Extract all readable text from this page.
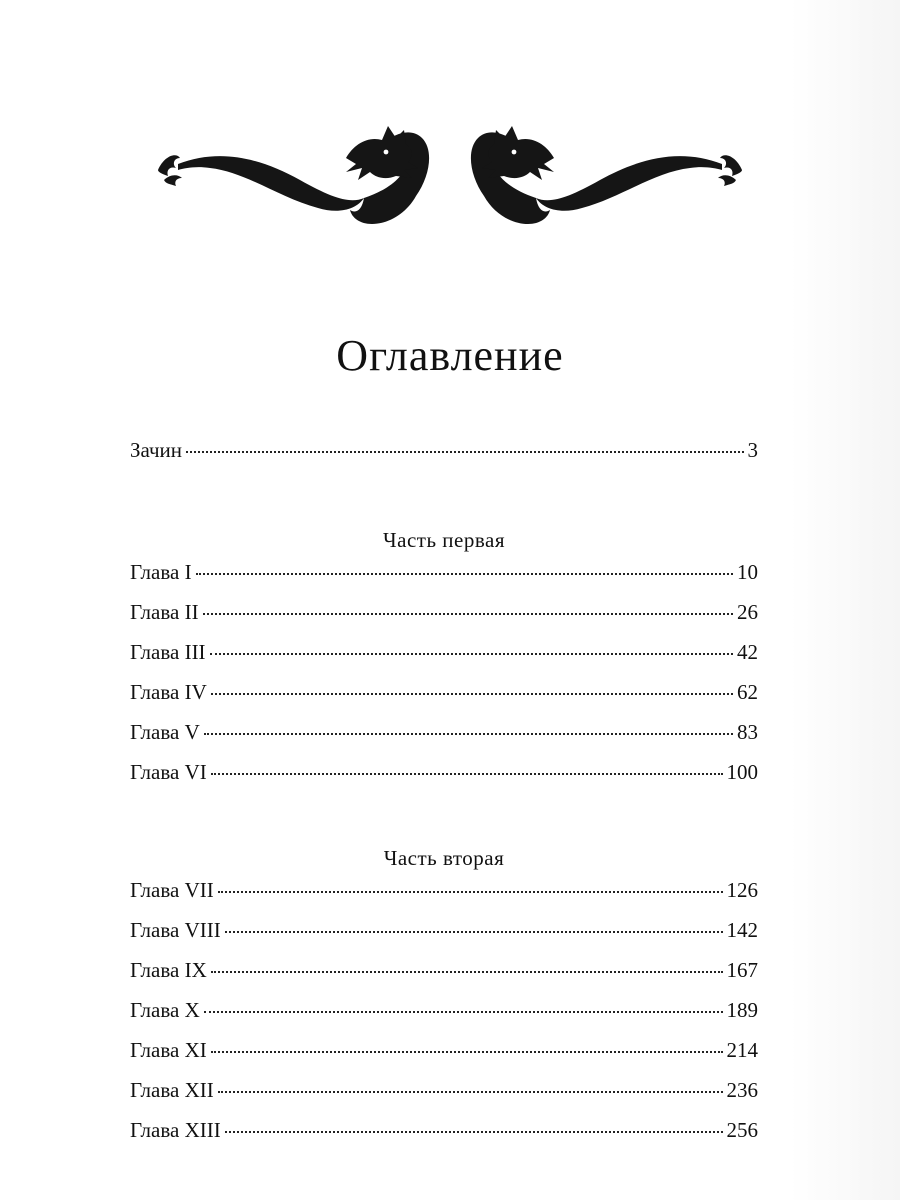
Оглавление
Зачин	3
Часть первая
Глава I	10
Глава II	26
Глава III	42
Глава IV	62
Глава V	83
Глава VI	100
Часть вторая
Глава VII	126
Глава VIII	142
Глава IX	167
Глава X	189
Глава XI	214
Глава XII	236
Глава XIII	256
